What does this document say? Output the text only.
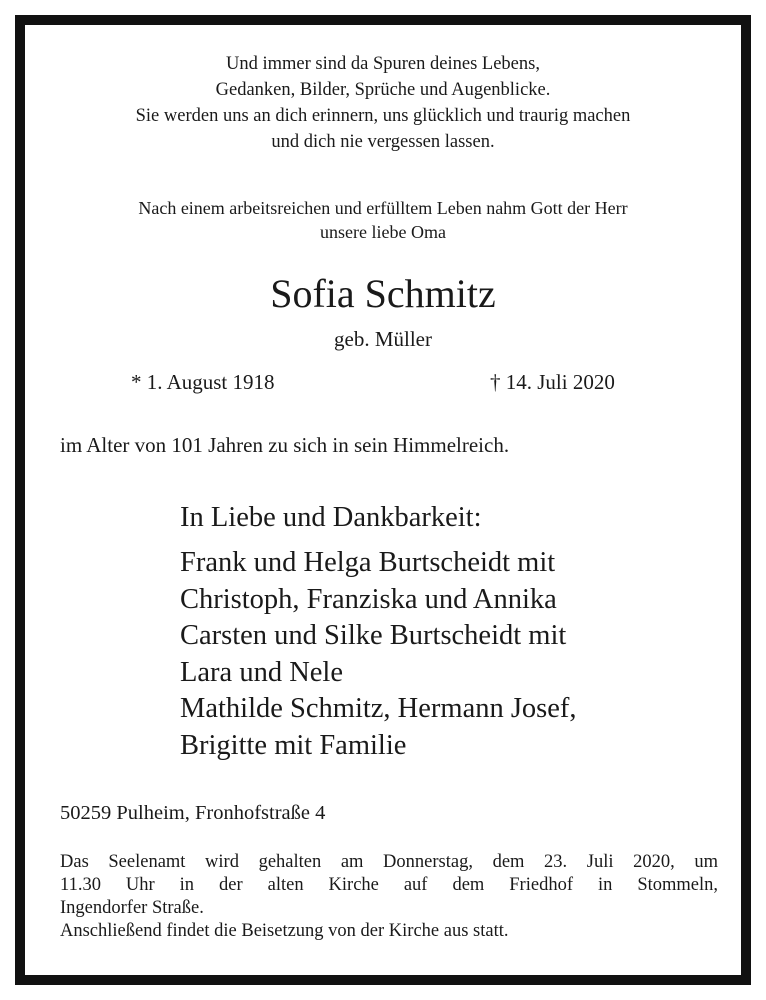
Und immer sind da Spuren deines Lebens,
Gedanken, Bilder, Sprüche und Augenblicke.
Sie werden uns an dich erinnern, uns glücklich und traurig machen
und dich nie vergessen lassen.
Nach einem arbeitsreichen und erfülltem Leben nahm Gott der Herr
unsere liebe Oma
Sofia Schmitz
geb. Müller
* 1. August 1918	† 14. Juli 2020
im Alter von 101 Jahren zu sich in sein Himmelreich.
In Liebe und Dankbarkeit:
Frank und Helga Burtscheidt mit
Christoph, Franziska und Annika
Carsten und Silke Burtscheidt mit
Lara und Nele
Mathilde Schmitz, Hermann Josef,
Brigitte mit Familie
50259 Pulheim, Fronhofstraße 4
Das Seelenamt wird gehalten am Donnerstag, dem 23. Juli 2020, um
11.30 Uhr in der alten Kirche auf dem Friedhof in Stommeln,
Ingendorfer Straße.
Anschließend findet die Beisetzung von der Kirche aus statt.
